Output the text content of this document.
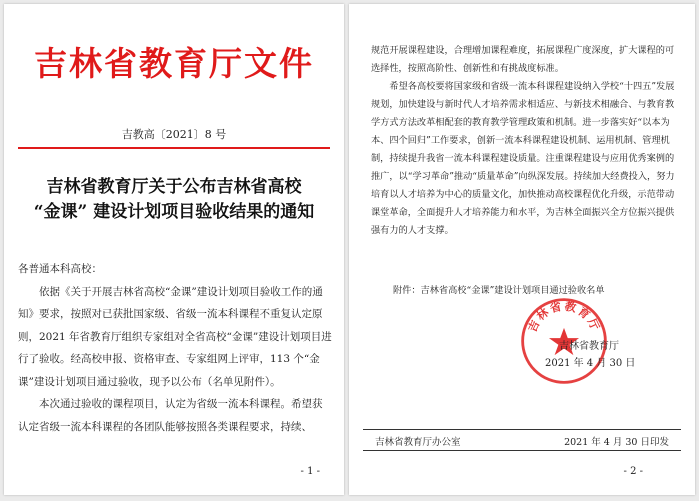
吉林省教育厅文件
吉教高〔2021〕8 号
吉林省教育厅关于公布吉林省高校
“金课” 建设计划项目验收结果的通知

各普通本科高校：

依据《关于开展吉林省高校“金课”建设计划项目验收工作的通知》要求，按照对已获批国家级、省级一流本科课程不重复认定原则，2021 年省教育厅组织专家组对全省高校“金课”建设计划项目进行了验收。经高校申报、资格审查、专家组网上评审，113 个“金课”建设计划项目通过验收，现予以公布（名单见附件）。

本次通过验收的课程项目，认定为省级一流本科课程。希望获认定省级一流本科课程的各团队能够按照各类课程要求，持续、

- 1 -

规范开展课程建设，合理增加课程难度，拓展课程广度深度，扩大课程的可选择性，按照高阶性、创新性和有挑战度标准。

希望各高校要将国家级和省级一流本科课程建设纳入学校“十四五”发展规划，加快建设与新时代人才培养需求相适应、与新技术相融合、与教育教学方式方法改革相配套的教育教学管理政策和机制。进一步落实好“以本为本、四个回归”工作要求，创新一流本科课程建设机制、运用机制、管理机制，持续提升我省一流本科课程建设质量。注重课程建设与应用优秀案例的推广，以“学习革命”推动“质量革命”向纵深发展。持续加大经费投入，努力培育以人才培养为中心的质量文化，加快推动高校课程优化升级，示范带动课堂革命，全面提升人才培养能力和水平，为吉林全面振兴全方位振兴提供强有力的人才支撑。

附件：吉林省高校“金课”建设计划项目通过验收名单
吉林省教育厅
吉林省教育厅
2021 年 4 月 30 日
吉林省教育厅办公室	2021 年 4 月 30 日印发
- 2 -
